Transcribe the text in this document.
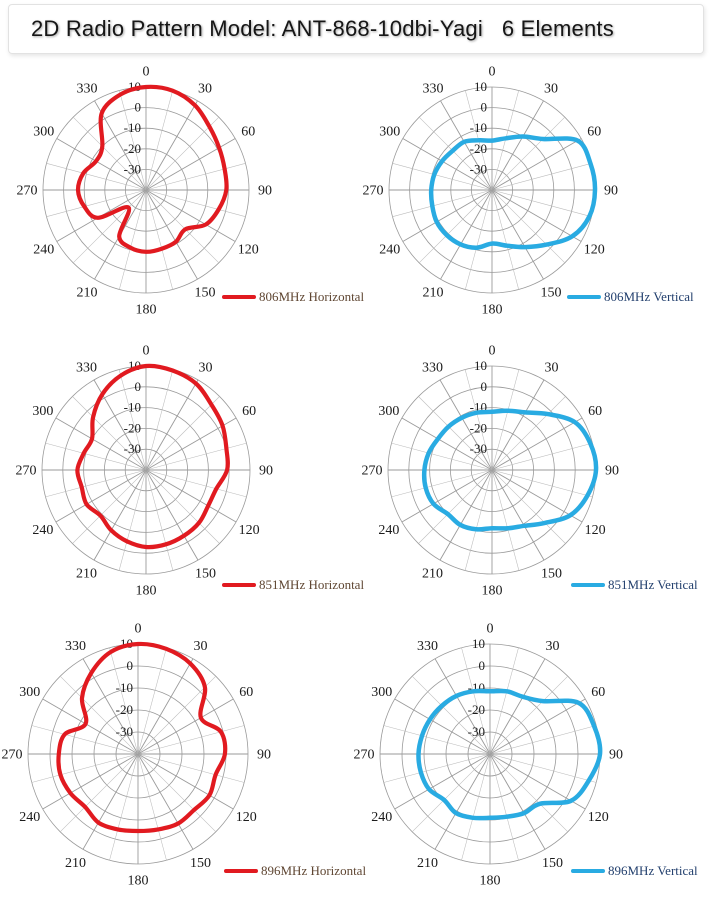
2D Radio Pattern Model: ANT-868-10dbi-Yagi   6 Elements
0
30
60
90
120
150
180
210
240
270
300
330 10
0
-10
-20
-30
0
30
60
90
120
150
180
210
240
270
300
330 10
0
-10
-20
-30
0
30
60
90
120
150
180
210
240
270
300
330 10
0
-10
-20
-30
0
30
60
90
120
150
180
210
240
270
300
330 10
0
-10
-20
-30
0
30
60
90
120
150
180
210
240
270
300
330	10
0
-10
-20
-30
0
30
60
90
120
150
180
210
240
270
300
330	10
0
-10
-20
-30
806MHz Horizontal	806MHz Vertical
851MHz Horizontal	851MHz Vertical
896MHz Horizontal	896MHz Vertical
